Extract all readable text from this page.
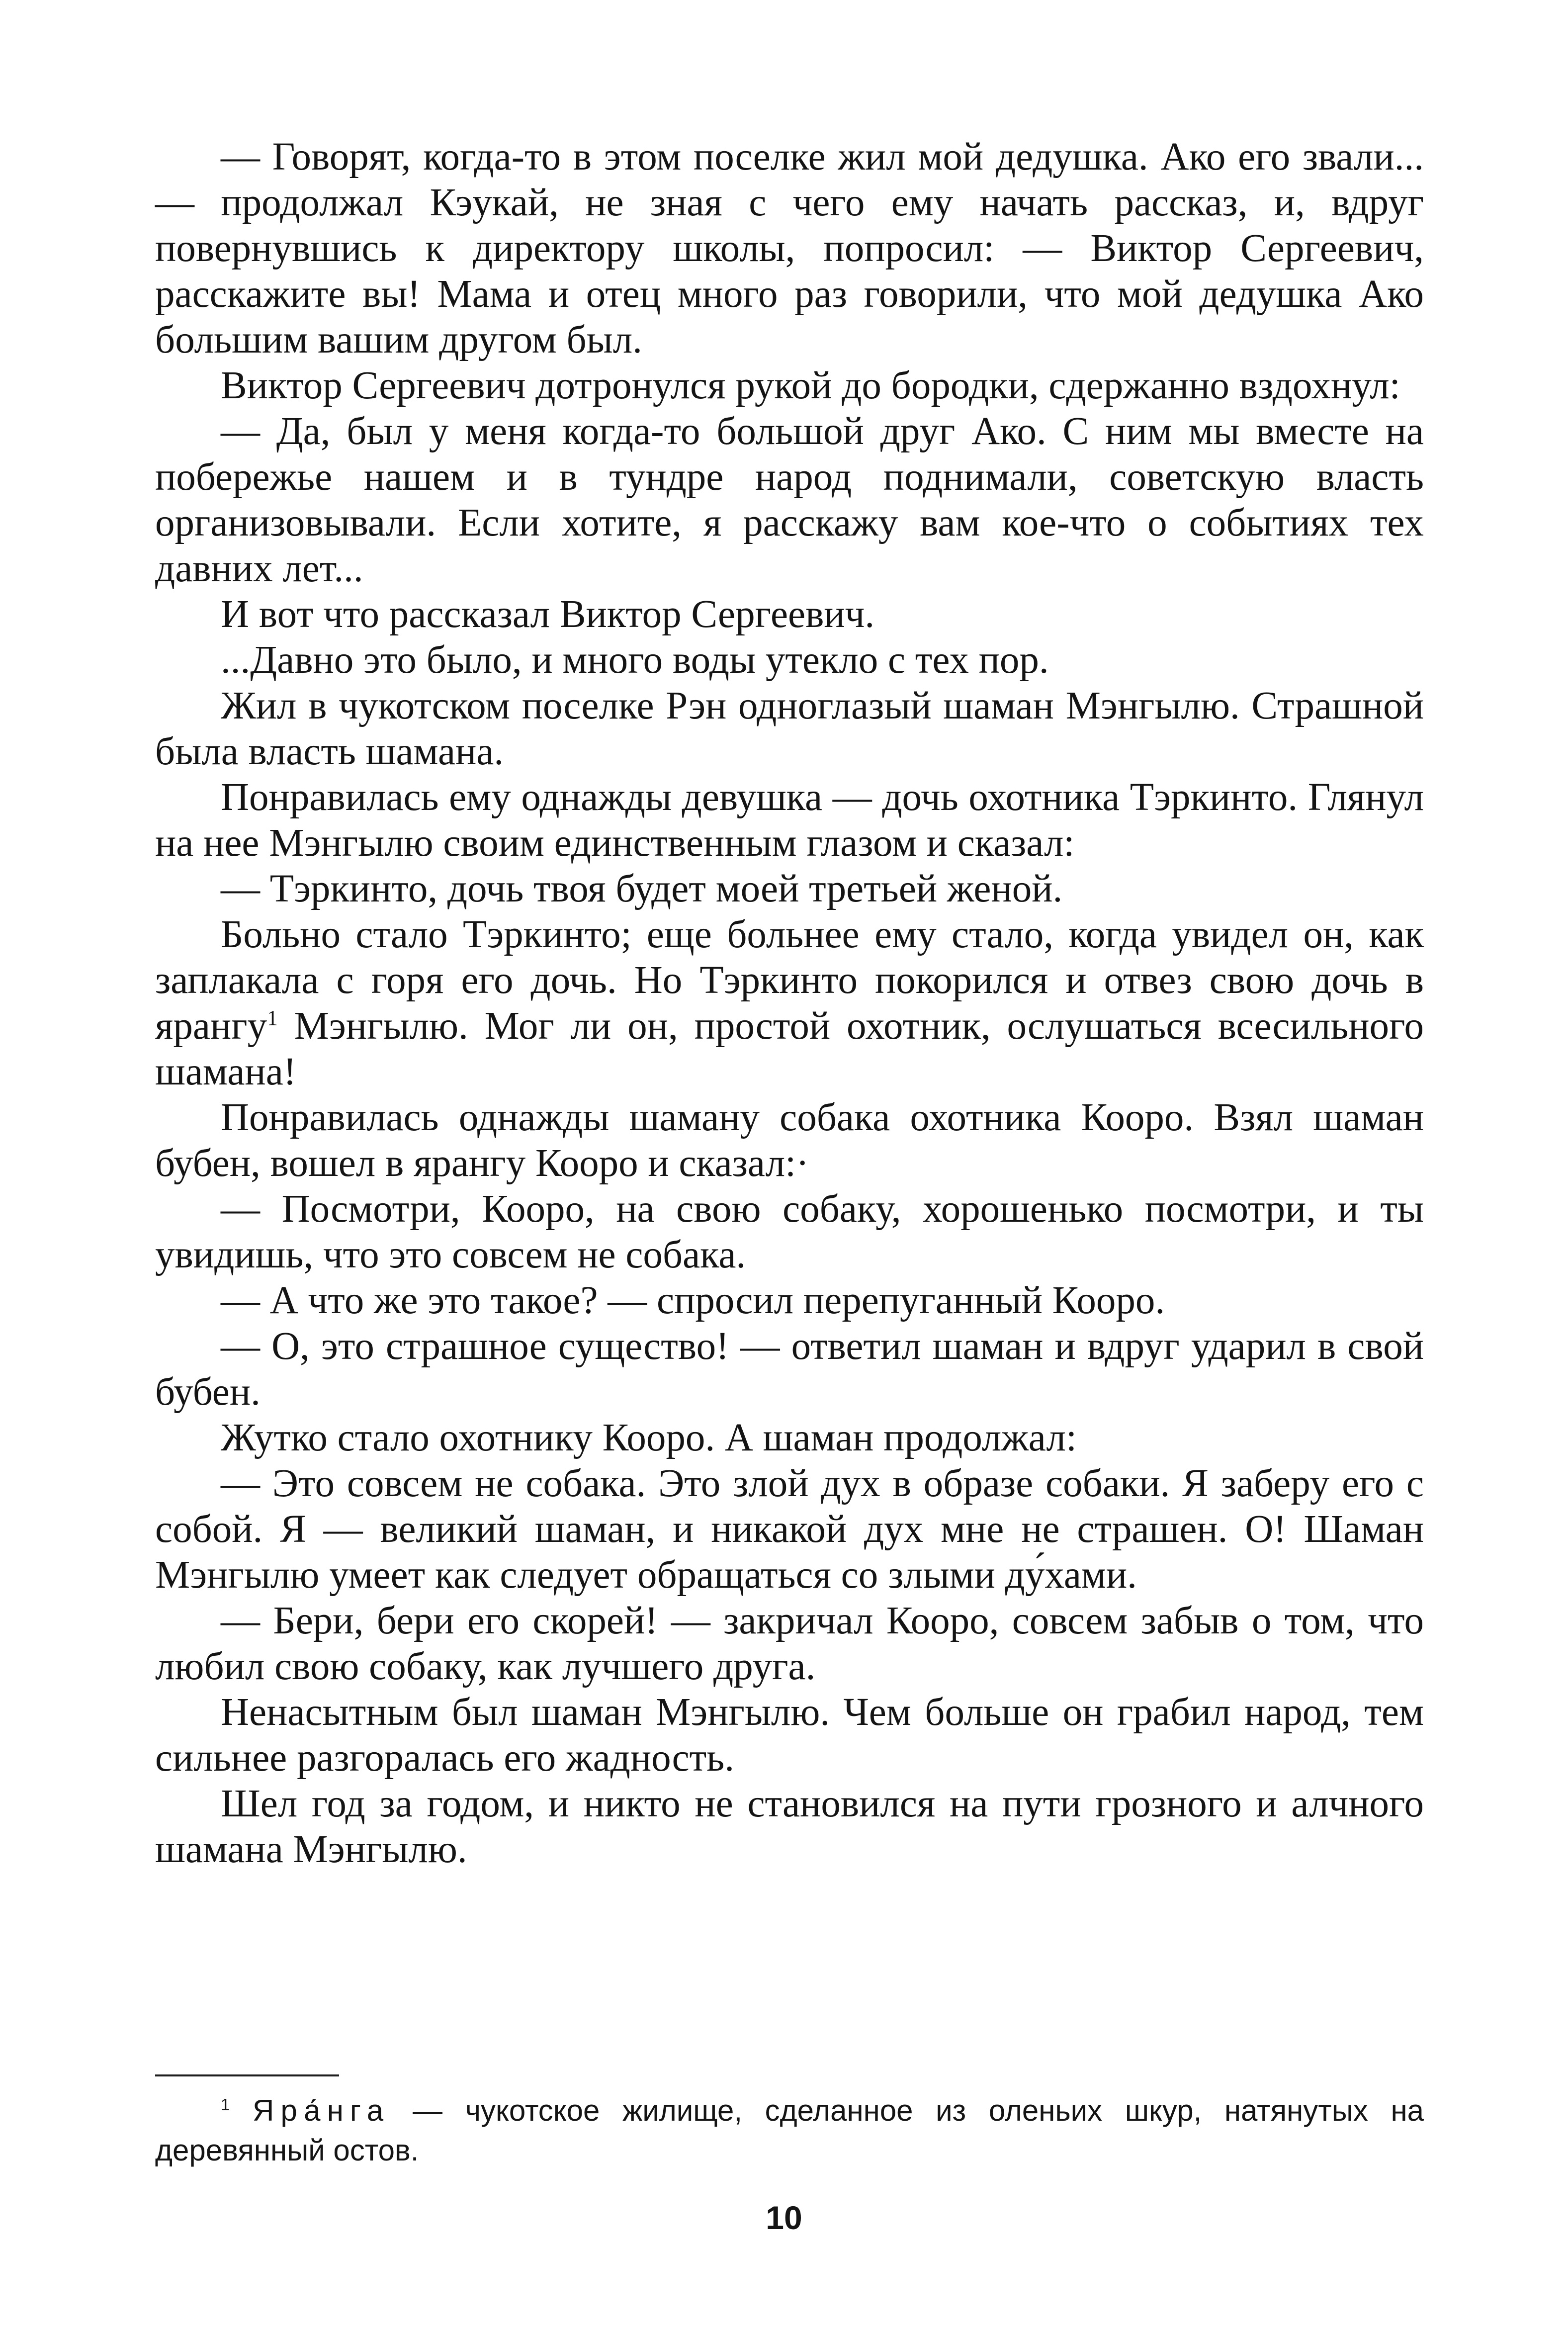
— Говорят, когда-то в этом поселке жил мой дедушка. Ако его звали... — продолжал Кэукай, не зная с чего ему начать рассказ, и, вдруг повернувшись к директору школы, попросил: — Виктор Сергеевич, расскажите вы! Мама и отец много раз говорили, что мой дедушка Ако большим вашим другом был.

Виктор Сергеевич дотронулся рукой до бородки, сдержанно вздохнул:

— Да, был у меня когда-то большой друг Ако. С ним мы вместе на побережье нашем и в тундре народ поднимали, советскую власть организовывали. Если хотите, я расскажу вам кое-что о событиях тех давних лет...

И вот что рассказал Виктор Сергеевич.

...Давно это было, и много воды утекло с тех пор.

Жил в чукотском поселке Рэн одноглазый шаман Мэнгылю. Страшной была власть шамана.

Понравилась ему однажды девушка — дочь охотника Тэркинто. Глянул на нее Мэнгылю своим единственным глазом и сказал:

— Тэркинто, дочь твоя будет моей третьей женой.

Больно стало Тэркинто; еще больнее ему стало, когда увидел он, как заплакала с горя его дочь. Но Тэркинто покорился и отвез свою дочь в ярангу$^1$ Мэнгылю. Мог ли он, простой охотник, ослушаться всесильного шамана!

Понравилась однажды шаману собака охотника Кооро. Взял шаман бубен, вошел в ярангу Кооро и сказал:·

— Посмотри, Кооро, на свою собаку, хорошенько посмотри, и ты увидишь, что это совсем не собака.

— А что же это такое? — спросил перепуганный Кооро.

— О, это страшное существо! — ответил шаман и вдруг ударил в свой бубен.

Жутко стало охотнику Кооро. А шаман продолжал:

— Это совсем не собака. Это злой дух в образе собаки. Я заберу его с собой. Я — великий шаман, и никакой дух мне не страшен. О! Шаман Мэнгылю умеет как следует обращаться со злыми ду́хами.

— Бери, бери его скорей! — закричал Кооро, совсем забыв о том, что любил свою собаку, как лучшего друга.

Ненасытным был шаман Мэнгылю. Чем больше он грабил народ, тем сильнее разгоралась его жадность.

Шел год за годом, и никто не становился на пути грозного и алчного шамана Мэнгылю.

$^1$ Яра́нга — чукотское жилище, сделанное из оленьих шкур, натянутых на деревянный остов.
10
